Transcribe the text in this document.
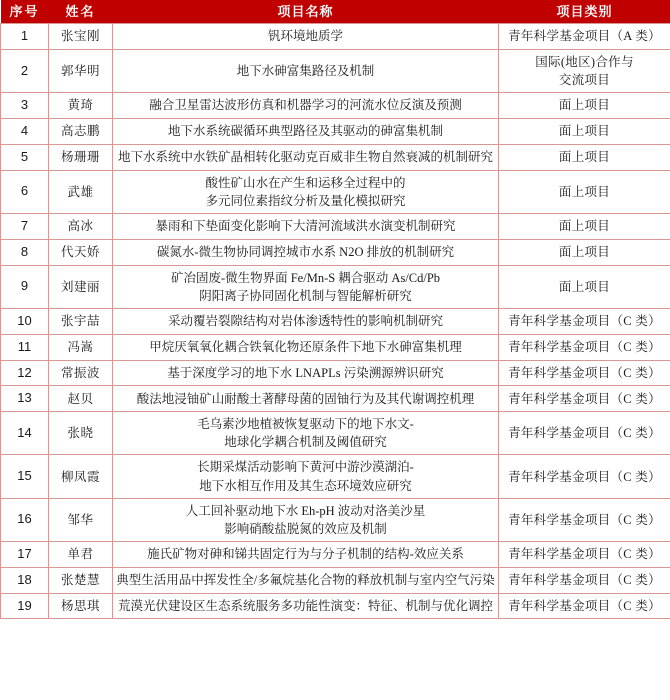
序号	姓名	项目名称	项目类别
1	张宝刚	钒环境地质学	青年科学基金项目（A 类）

2	郭华明	地下水砷富集路径及机制	国际(地区)合作与
交流项目

3	黄琦	融合卫星雷达波形仿真和机器学习的河流水位反演及预测	面上项目

4	高志鹏	地下水系统碳循环典型路径及其驱动的砷富集机制	面上项目

5	杨珊珊	地下水系统中水铁矿晶相转化驱动克百威非生物自然衰减的机制研究	面上项目

6	武雄	酸性矿山水在产生和运移全过程中的
多元同位素指纹分析及量化模拟研究	面上项目

7	高冰	暴雨和下垫面变化影响下大清河流域洪水演变机制研究	面上项目

8	代天娇	碳氮水-微生物协同调控城市水系 N2O 排放的机制研究	面上项目

9	刘建丽	矿冶固废-微生物界面 Fe/Mn-S 耦合驱动 As/Cd/Pb
阴阳离子协同固化机制与智能解析研究	面上项目

10	张宇喆	采动覆岩裂隙结构对岩体渗透特性的影响机制研究	青年科学基金项目（C 类）

11	冯嵩	甲烷厌氧氧化耦合铁氧化物还原条件下地下水砷富集机理	青年科学基金项目（C 类）

12	常振波	基于深度学习的地下水 LNAPLs 污染溯源辨识研究	青年科学基金项目（C 类）

13	赵贝	酸法地浸铀矿山耐酸土著酵母菌的固铀行为及其代谢调控机理	青年科学基金项目（C 类）

14	张晓	毛乌素沙地植被恢复驱动下的地下水文-
地球化学耦合机制及阈值研究	青年科学基金项目（C 类）

15	柳凤霞	长期采煤活动影响下黄河中游沙漠湖泊-
地下水相互作用及其生态环境效应研究	青年科学基金项目（C 类）

16	邹华	人工回补驱动地下水 Eh-pH 波动对洛美沙星
影响硝酸盐脱氮的效应及机制	青年科学基金项目（C 类）

17	单君	施氏矿物对砷和锑共固定行为与分子机制的结构-效应关系	青年科学基金项目（C 类）

18	张楚慧	典型生活用品中挥发性全/多氟烷基化合物的释放机制与室内空气污染	青年科学基金项目（C 类）

19	杨思琪	荒漠光伏建设区生态系统服务多功能性演变：特征、机制与优化调控	青年科学基金项目（C 类）
